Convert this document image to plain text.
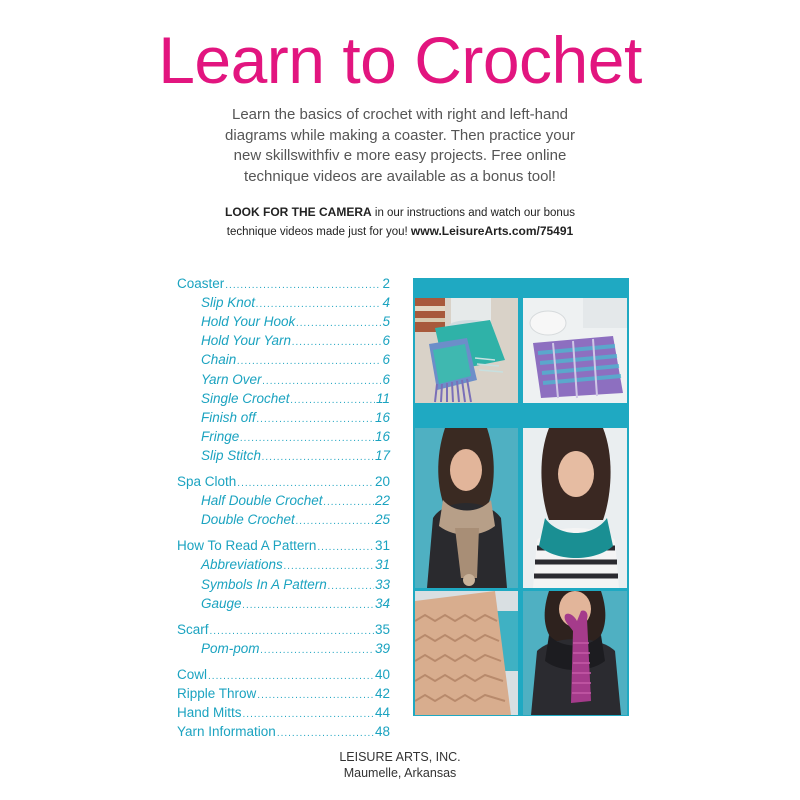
Learn to Crochet
Learn the basics of crochet with right and left-hand
diagrams while making a coaster. Then practice your
new skillswithfiv e more easy projects. Free online
technique videos are available as a bonus tool!
LOOK FOR THE CAMERA in our instructions and watch our bonus
technique videos made just for you! www.LeisureArts.com/75491
Coaster .....	2
Slip Knot .....	4
Hold Your Hook .....	5
Hold Your Yarn .....	6
Chain .....	6
Yarn Over .....	6
Single Crochet .....	11
Finish off .....	16
Fringe .....	16
Slip Stitch .....	17
Spa Cloth .....	20
Half Double Crochet .....	22
Double Crochet .....	25
How To Read A Pattern .....	31
Abbreviations .....	31
Symbols In A Pattern .....	33
Gauge .....	34
Scarf .....	35
Pom-pom .....	39
Cowl .....	40
Ripple Throw .....	42
Hand Mitts .....	44
Yarn Information .....	48
LEISURE ARTS, INC.
Maumelle, Arkansas
